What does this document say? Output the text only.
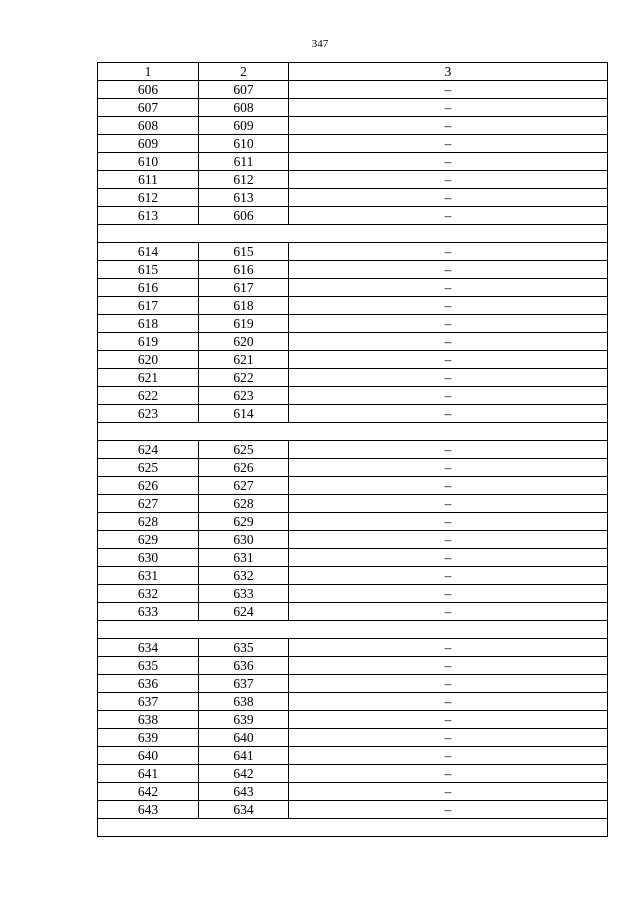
347
1	2	3
606	607	–
607	608	–
608	609	–
609	610	–
610	611	–
611	612	–
612	613	–
613	606	–

614	615	–
615	616	–
616	617	–
617	618	–
618	619	–
619	620	–
620	621	–
621	622	–
622	623	–
623	614	–

624	625	–
625	626	–
626	627	–
627	628	–
628	629	–
629	630	–
630	631	–
631	632	–
632	633	–
633	624	–

634	635	–
635	636	–
636	637	–
637	638	–
638	639	–
639	640	–
640	641	–
641	642	–
642	643	–
643	634	–
